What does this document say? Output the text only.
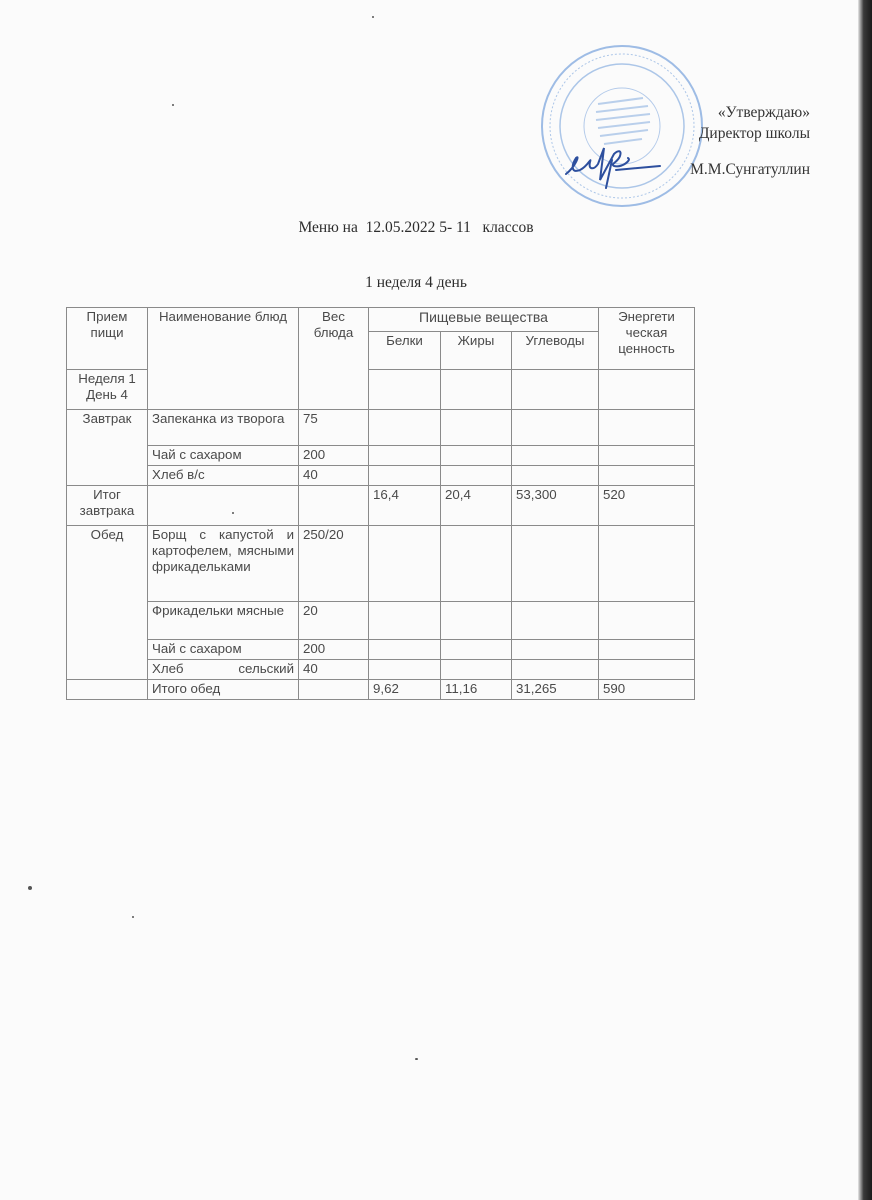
«Утверждаю»
Директор школы
М.М.Сунгатуллин
Меню на  12.05.2022 5- 11   классов
1 неделя 4 день
Прием пищи	Наименование блюд	Вес блюда	Пищевые вещества			Энергети ческая ценность
			Белки	Жиры	Углеводы	
Неделя 1 День 4						
Завтрак	Запеканка из творога	75				
	Чай с сахаром	200				
	Хлеб в/с	40				
Итог завтрака			16,4	20,4	53,300	520
Обед	Борщ с капустой и картофелем, мясными фрикадельками	250/20				
	Фрикадельки мясные	20				
	Чай с сахаром	200				
	Хлеб сельский	40				
	Итого обед		9,62	11,16	31,265	590
